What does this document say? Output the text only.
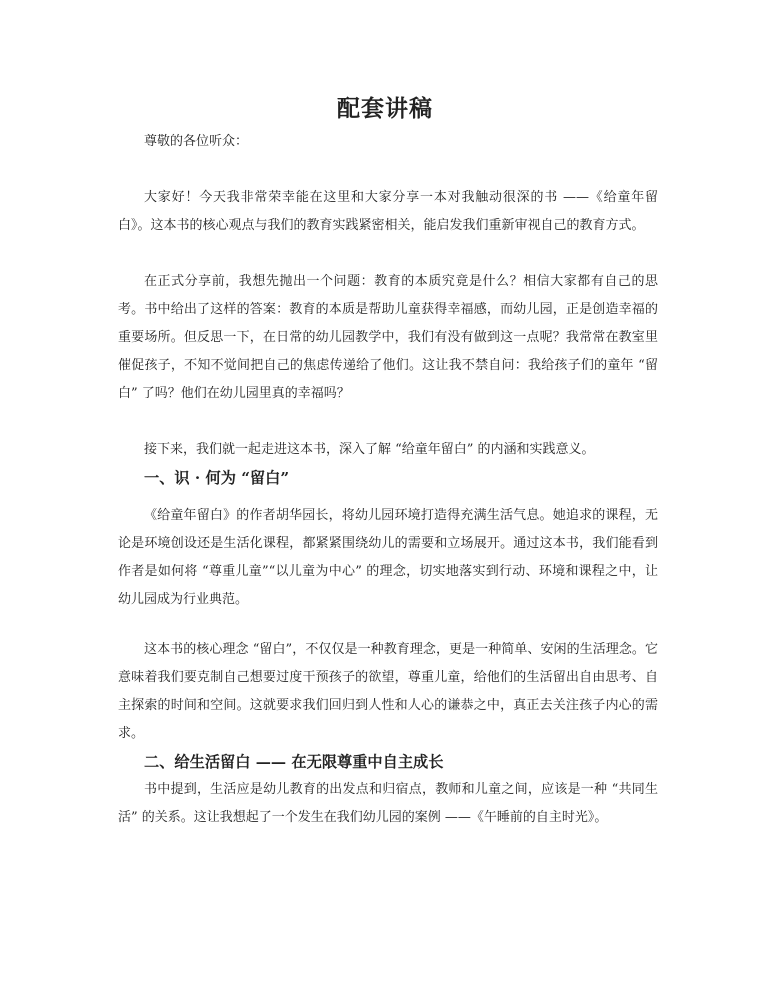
配套讲稿

尊敬的各位听众：

大家好！今天我非常荣幸能在这里和大家分享一本对我触动很深的书 ——《给童年留白》。这本书的核心观点与我们的教育实践紧密相关，能启发我们重新审视自己的教育方式。

在正式分享前，我想先抛出一个问题：教育的本质究竟是什么？相信大家都有自己的思考。书中给出了这样的答案：教育的本质是帮助儿童获得幸福感，而幼儿园，正是创造幸福的重要场所。但反思一下，在日常的幼儿园教学中，我们有没有做到这一点呢？我常常在教室里催促孩子，不知不觉间把自己的焦虑传递给了他们。这让我不禁自问：我给孩子们的童年 “留白” 了吗？他们在幼儿园里真的幸福吗？

接下来，我们就一起走进这本书，深入了解 “给童年留白” 的内涵和实践意义。

一、识 · 何为 “留白”

《给童年留白》的作者胡华园长，将幼儿园环境打造得充满生活气息。她追求的课程，无论是环境创设还是生活化课程，都紧紧围绕幼儿的需要和立场展开。通过这本书，我们能看到作者是如何将 “尊重儿童”“以儿童为中心” 的理念，切实地落实到行动、环境和课程之中，让幼儿园成为行业典范。

这本书的核心理念 “留白”，不仅仅是一种教育理念，更是一种简单、安闲的生活理念。它意味着我们要克制自己想要过度干预孩子的欲望，尊重儿童，给他们的生活留出自由思考、自主探索的时间和空间。这就要求我们回归到人性和人心的谦恭之中，真正去关注孩子内心的需求。

二、给生活留白 —— 在无限尊重中自主成长

书中提到，生活应是幼儿教育的出发点和归宿点，教师和儿童之间，应该是一种 “共同生活” 的关系。这让我想起了一个发生在我们幼儿园的案例 ——《午睡前的自主时光》。
